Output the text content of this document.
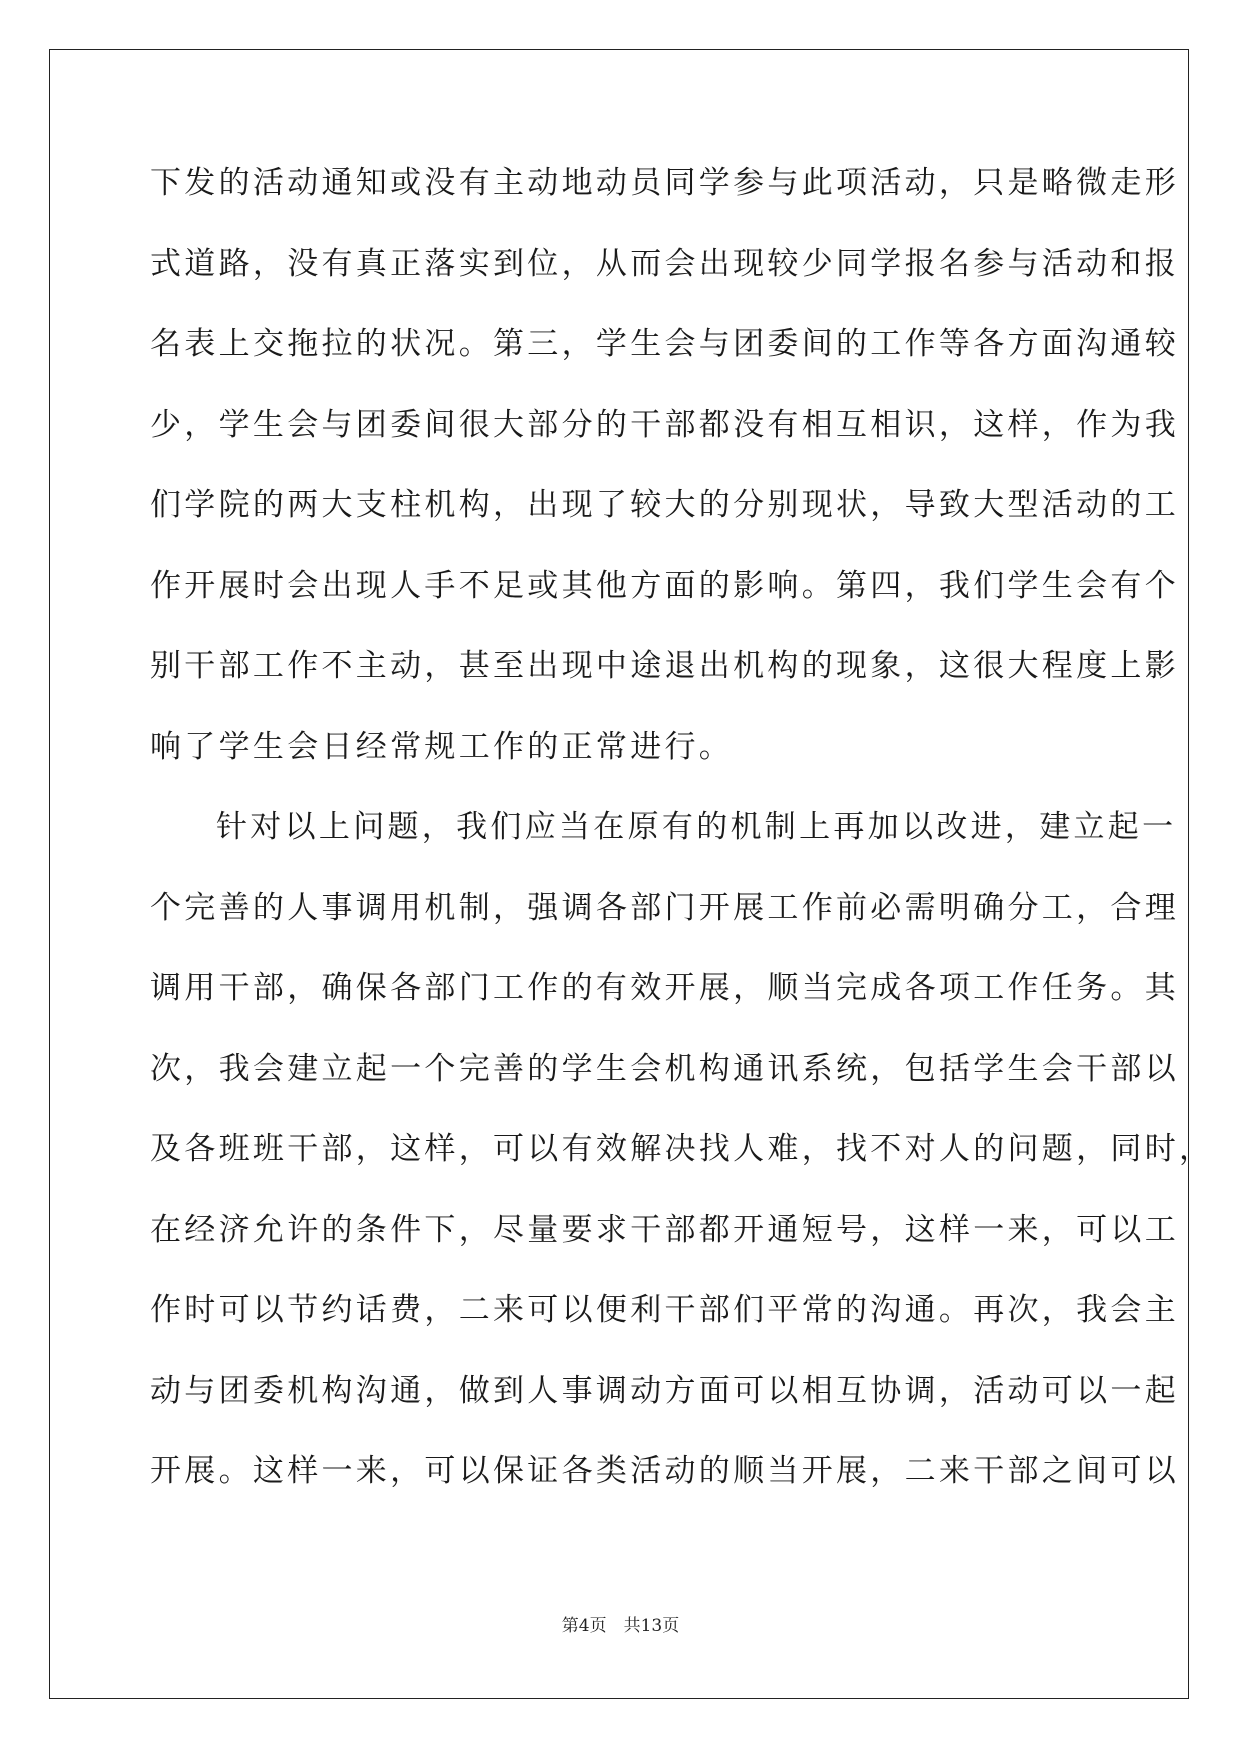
下发的活动通知或没有主动地动员同学参与此项活动，只是略微走形
式道路，没有真正落实到位，从而会出现较少同学报名参与活动和报
名表上交拖拉的状况。第三，学生会与团委间的工作等各方面沟通较
少，学生会与团委间很大部分的干部都没有相互相识，这样，作为我
们学院的两大支柱机构，出现了较大的分别现状，导致大型活动的工
作开展时会出现人手不足或其他方面的影响。第四，我们学生会有个
别干部工作不主动，甚至出现中途退出机构的现象，这很大程度上影
响了学生会日经常规工作的正常进行。
针对以上问题，我们应当在原有的机制上再加以改进，建立起一
个完善的人事调用机制，强调各部门开展工作前必需明确分工，合理
调用干部，确保各部门工作的有效开展，顺当完成各项工作任务。其
次，我会建立起一个完善的学生会机构通讯系统，包括学生会干部以
及各班班干部，这样，可以有效解决找人难，找不对人的问题，同时，
在经济允许的条件下，尽量要求干部都开通短号，这样一来，可以工
作时可以节约话费，二来可以便利干部们平常的沟通。再次，我会主
动与团委机构沟通，做到人事调动方面可以相互协调，活动可以一起
开展。这样一来，可以保证各类活动的顺当开展，二来干部之间可以
第4页　共13页
